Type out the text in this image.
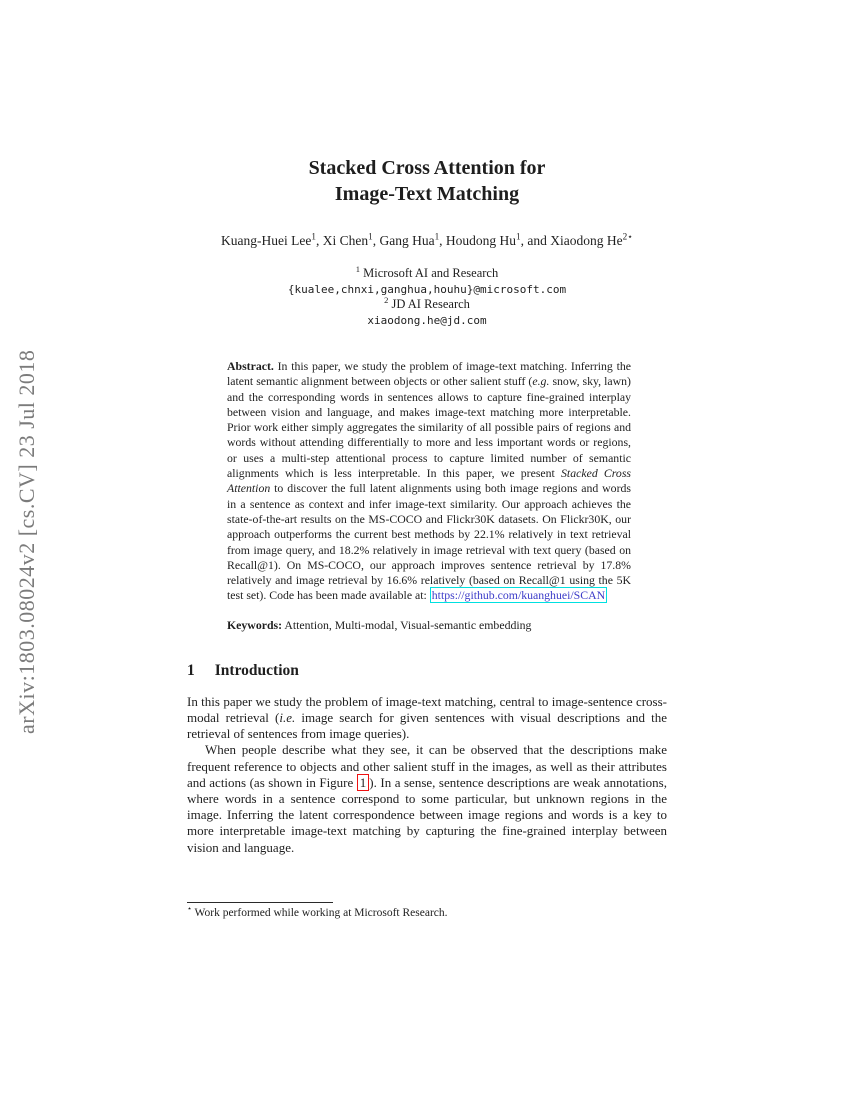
arXiv:1803.08024v2 [cs.CV] 23 Jul 2018
Stacked Cross Attention for
Image-Text Matching
Kuang-Huei Lee$^1$, Xi Chen$^1$, Gang Hua$^1$, Houdong Hu$^1$, and Xiaodong $He^{2⋆}$
$^1$ Microsoft AI and Research
{kualee,chnxi,ganghua,houhu}@microsoft.com
$^2$ JD AI Research
xiaodong.he@jd.com

Abstract. In this paper, we study the problem of image-text matching. Inferring the latent semantic alignment between objects or other salient stuff (e.g. snow, sky, lawn) and the corresponding words in sentences allows to capture fine-grained interplay between vision and language, and makes image-text matching more interpretable. Prior work either simply aggregates the similarity of all possible pairs of regions and words without attending differentially to more and less important words or regions, or uses a multi-step attentional process to capture limited number of semantic alignments which is less interpretable. In this paper, we present Stacked Cross Attention to discover the full latent alignments using both image regions and words in a sentence as context and infer image-text similarity. Our approach achieves the state-of-the-art results on the MS-COCO and Flickr30K datasets. On Flickr30K, our approach outperforms the current best methods by 22.1% relatively in text retrieval from image query, and 18.2% relatively in image retrieval with text query (based on Recall@1). On MS-COCO, our approach improves sentence retrieval by 17.8% relatively and image retrieval by 16.6% relatively (based on Recall@1 using the 5K test set). Code has been made available at: https://github.com/kuanghuei/SCAN

Keywords: Attention, Multi-modal, Visual-semantic embedding

1 Introduction

In this paper we study the problem of image-text matching, central to image-sentence cross-modal retrieval (i.e. image search for given sentences with visual descriptions and the retrieval of sentences from image queries).

When people describe what they see, it can be observed that the descriptions make frequent reference to objects and other salient stuff in the images, as well as their attributes and actions (as shown in Figure 1 ). In a sense, sentence descriptions are weak annotations, where words in a sentence correspond to some particular, but unknown regions in the image. Inferring the latent correspondence between image regions and words is a key to more interpretable image-text matching by capturing the fine-grained interplay between vision and language.

⋆ Work performed while working at Microsoft Research.
